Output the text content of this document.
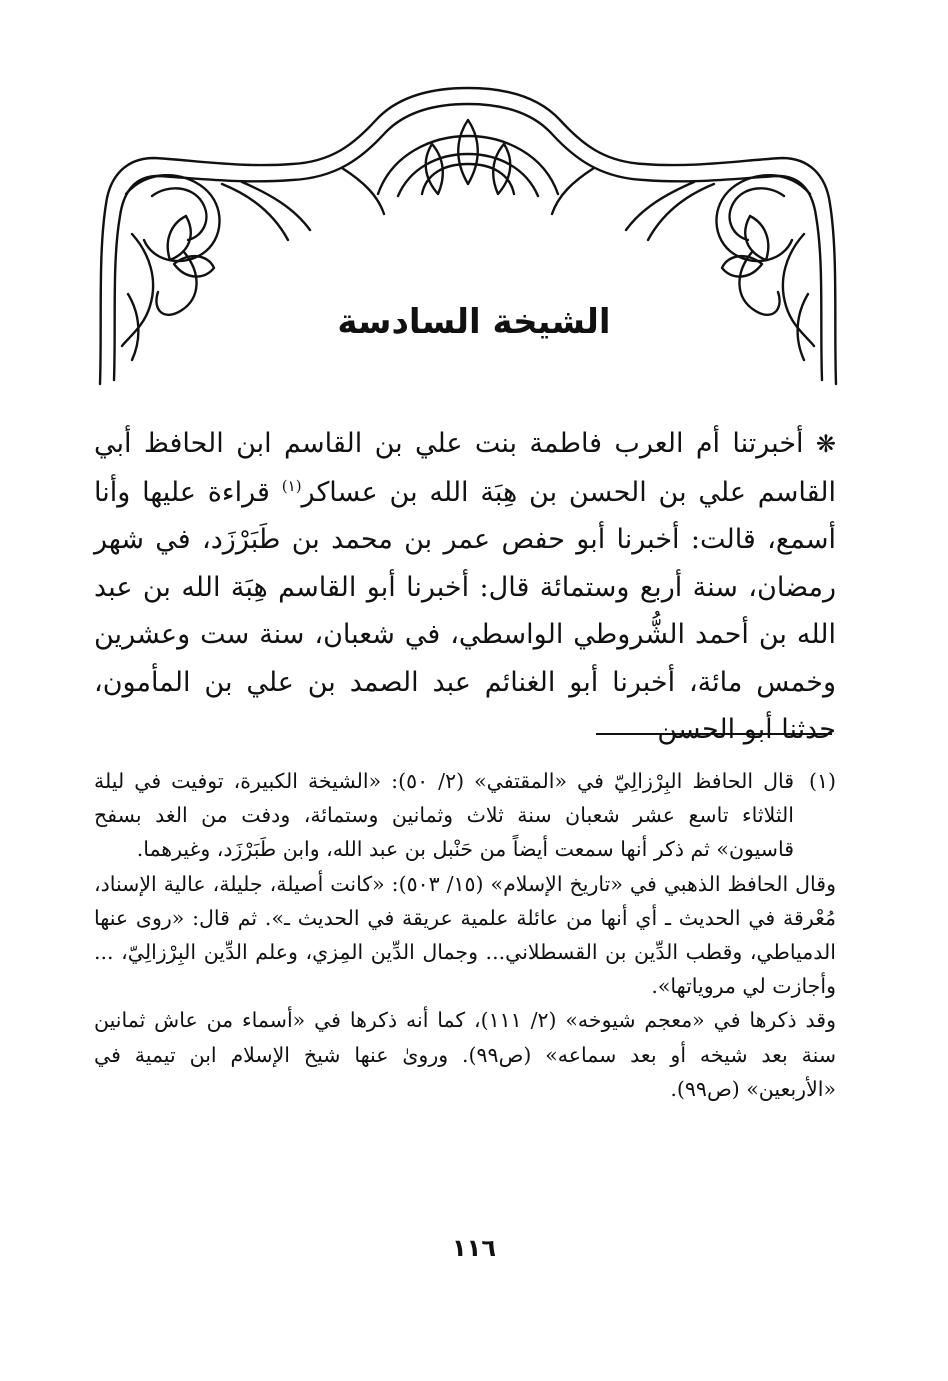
الشيخة السادسة

❋ أخبرتنا أم العرب فاطمة بنت علي بن القاسم ابن الحافظ أبي القاسم علي بن الحسن بن هِبَة الله بن عساكر$^{(١)}$ قراءة عليها وأنا أسمع، قالت: أخبرنا أبو حفص عمر بن محمد بن طَبَرْزَد، في شهر رمضان، سنة أربع وستمائة قال: أخبرنا أبو القاسم هِبَة الله بن عبد الله بن أحمد الشُّروطي الواسطي، في شعبان، سنة ست وعشرين وخمس مائة، أخبرنا أبو الغنائم عبد الصمد بن علي بن المأمون، حدثنا أبو الحسن

(١)

قال الحافظ البِرْزالِيّ في «المقتفي» (٢/ ٥٠): «الشيخة الكبيرة، توفيت في ليلة الثلاثاء تاسع عشر شعبان سنة ثلاث وثمانين وستمائة، ودفت من الغد بسفح قاسيون» ثم ذكر أنها سمعت أيضاً من حَنْبل بن عبد الله، وابن طَبَرْزَد، وغيرهما.

وقال الحافظ الذهبي في «تاريخ الإسلام» (١٥/ ٥٠٣): «كانت أصيلة، جليلة، عالية الإسناد، مُعْرقة في الحديث ـ أي أنها من عائلة علمية عريقة في الحديث ـ». ثم قال: «روى عنها الدمياطي، وقطب الدِّين بن القسطلاني... وجمال الدِّين المِزي، وعلم الدِّين البِرْزالِيّ، ... وأجازت لي مروياتها».

وقد ذكرها في «معجم شيوخه» (٢/ ١١١)، كما أنه ذكرها في «أسماء من عاش ثمانين سنة بعد شيخه أو بعد سماعه» (ص٩٩). وروىٰ عنها شيخ الإسلام ابن تيمية في «الأربعين» (ص٩٩).

١١٦
